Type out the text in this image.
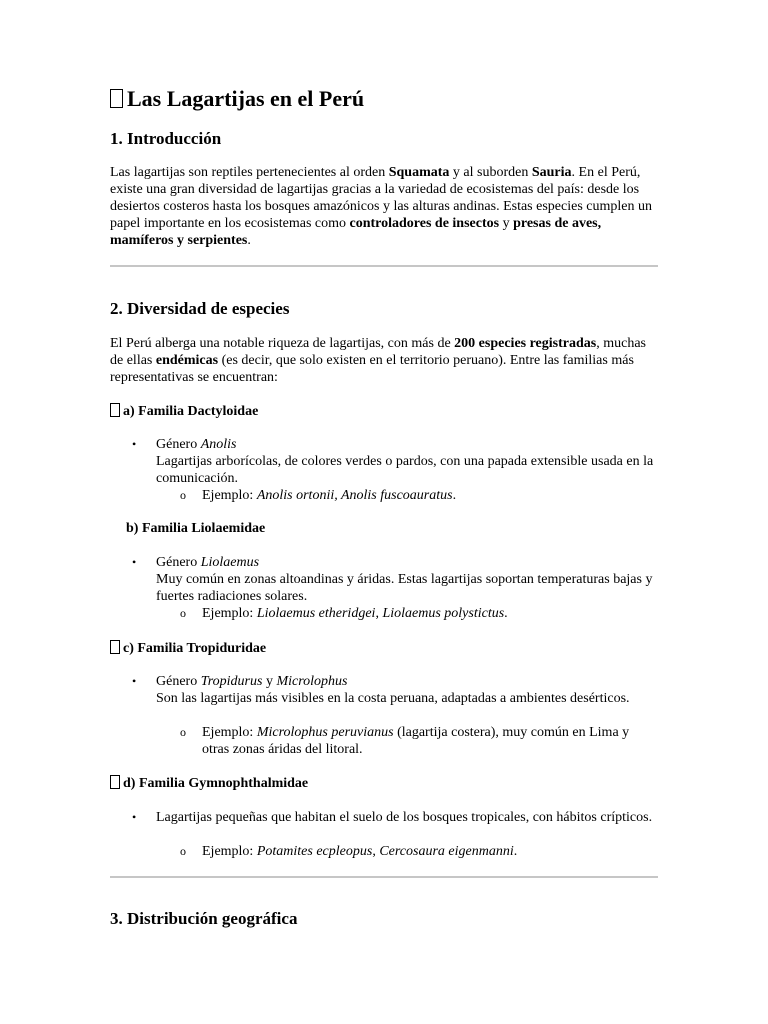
Las Lagartijas en el Perú
1. Introducción

Las lagartijas son reptiles pertenecientes al orden Squamata y al suborden Sauria. En el Perú, existe una gran diversidad de lagartijas gracias a la variedad de ecosistemas del país: desde los desiertos costeros hasta los bosques amazónicos y las alturas andinas. Estas especies cumplen un papel importante en los ecosistemas como controladores de insectos y presas de aves, mamíferos y serpientes.

2. Diversidad de especies

El Perú alberga una notable riqueza de lagartijas, con más de 200 especies registradas, muchas de ellas endémicas (es decir, que solo existen en el territorio peruano). Entre las familias más representativas se encuentran:

a) Familia Dactyloidae
• Género Anolis
Lagartijas arborícolas, de colores verdes o pardos, con una papada extensible usada en la comunicación.
o Ejemplo: Anolis ortonii, Anolis fuscoauratus.
b) Familia Liolaemidae
• Género Liolaemus
Muy común en zonas altoandinas y áridas. Estas lagartijas soportan temperaturas bajas y fuertes radiaciones solares.
o Ejemplo: Liolaemus etheridgei, Liolaemus polystictus.
c) Familia Tropiduridae
• Género Tropidurus y Microlophus
Son las lagartijas más visibles en la costa peruana, adaptadas a ambientes desérticos.
o Ejemplo: Microlophus peruvianus (lagartija costera), muy común en Lima y otras zonas áridas del litoral.
d) Familia Gymnophthalmidae
• Lagartijas pequeñas que habitan el suelo de los bosques tropicales, con hábitos crípticos.
o Ejemplo: Potamites ecpleopus, Cercosaura eigenmanni.
3. Distribución geográfica
